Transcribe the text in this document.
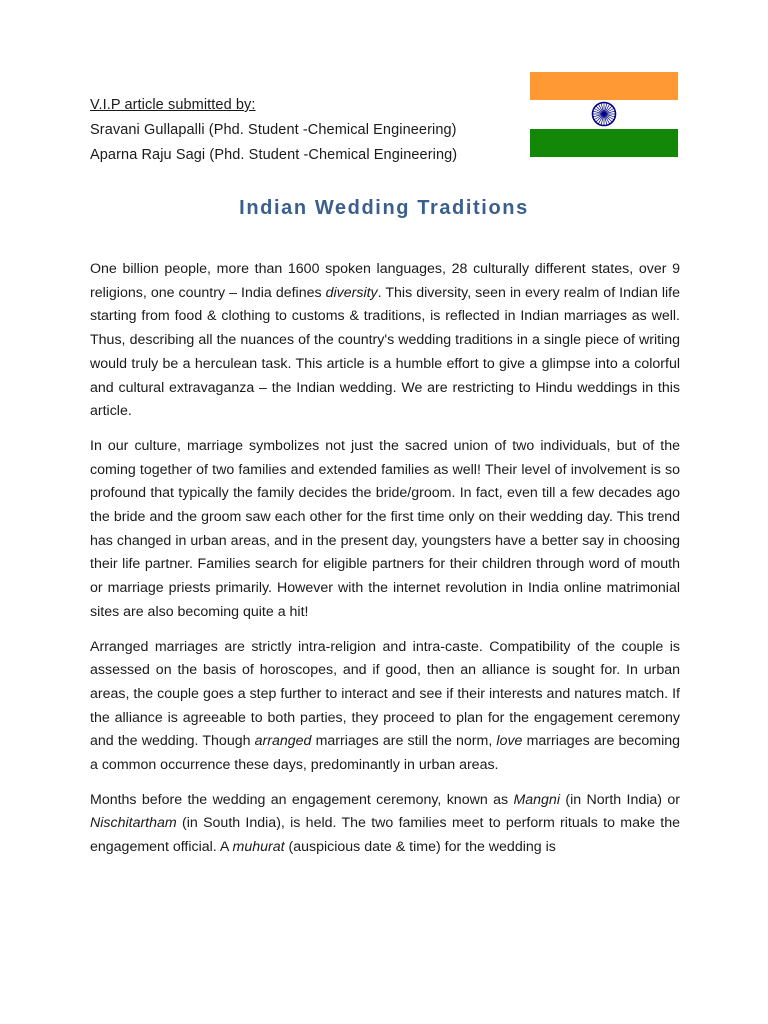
V.I.P article submitted by:
Sravani Gullapalli (Phd. Student -Chemical Engineering)
Aparna Raju Sagi (Phd. Student -Chemical Engineering)
Indian Wedding Traditions

One billion people, more than 1600 spoken languages, 28 culturally different states, over 9 religions, one country – India defines diversity. This diversity, seen in every realm of Indian life starting from food & clothing to customs & traditions, is reflected in Indian marriages as well. Thus, describing all the nuances of the country's wedding traditions in a single piece of writing would truly be a herculean task. This article is a humble effort to give a glimpse into a colorful and cultural extravaganza – the Indian wedding. We are restricting to Hindu weddings in this article.

In our culture, marriage symbolizes not just the sacred union of two individuals, but of the coming together of two families and extended families as well! Their level of involvement is so profound that typically the family decides the bride/groom. In fact, even till a few decades ago the bride and the groom saw each other for the first time only on their wedding day. This trend has changed in urban areas, and in the present day, youngsters have a better say in choosing their life partner. Families search for eligible partners for their children through word of mouth or marriage priests primarily. However with the internet revolution in India online matrimonial sites are also becoming quite a hit!

Arranged marriages are strictly intra-religion and intra-caste. Compatibility of the couple is assessed on the basis of horoscopes, and if good, then an alliance is sought for. In urban areas, the couple goes a step further to interact and see if their interests and natures match. If the alliance is agreeable to both parties, they proceed to plan for the engagement ceremony and the wedding. Though arranged marriages are still the norm, love marriages are becoming a common occurrence these days, predominantly in urban areas.

Months before the wedding an engagement ceremony, known as Mangni (in North India) or Nischitartham (in South India), is held. The two families meet to perform rituals to make the engagement official. A muhurat (auspicious date & time) for the wedding is
